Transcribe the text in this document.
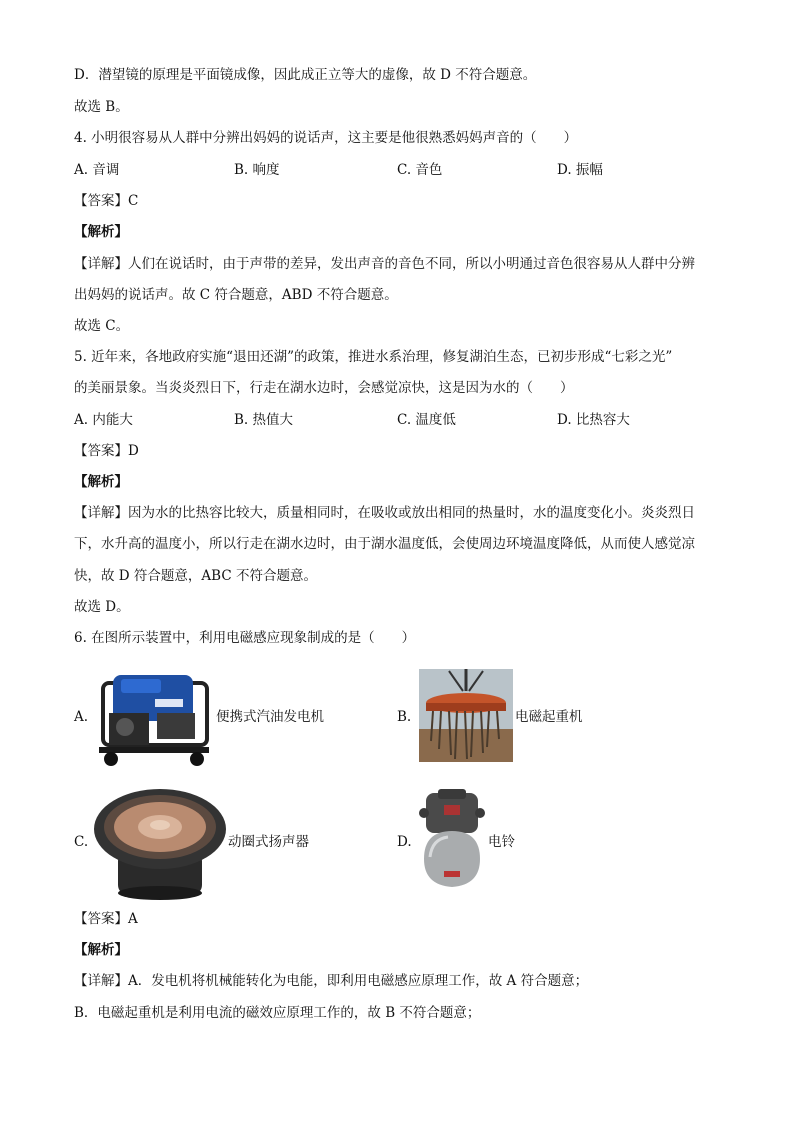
D．潜望镜的原理是平面镜成像，因此成正立等大的虚像，故 D 不符合题意。
故选 B。
4. 小明很容易从人群中分辨出妈妈的说话声，这主要是他很熟悉妈妈声音的（　　）
A. 音调	B. 响度	C. 音色	D. 振幅
【答案】C
【解析】
【详解】人们在说话时，由于声带的差异，发出声音的音色不同，所以小明通过音色很容易从人群中分辨
出妈妈的说话声。故 C 符合题意，ABD 不符合题意。
故选 C。
5. 近年来，各地政府实施“退田还湖”的政策，推进水系治理，修复湖泊生态，已初步形成“七彩之光”
的美丽景象。当炎炎烈日下，行走在湖水边时，会感觉凉快，这是因为水的（　　）
A. 内能大	B. 热值大	C. 温度低	D. 比热容大
【答案】D
【解析】
【详解】因为水的比热容比较大，质量相同时，在吸收或放出相同的热量时，水的温度变化小。炎炎烈日
下，水升高的温度小，所以行走在湖水边时，由于湖水温度低，会使周边环境温度降低，从而使人感觉凉
快，故 D 符合题意，ABC 不符合题意。
故选 D。
6. 在图所示装置中，利用电磁感应现象制成的是（　　）
A.	便携式汽油发电机	B.	电磁起重机
C.	动圈式扬声器	D.	电铃
【答案】A
【解析】
【详解】A．发电机将机械能转化为电能，即利用电磁感应原理工作，故 A 符合题意；
B．电磁起重机是利用电流的磁效应原理工作的，故 B 不符合题意；
